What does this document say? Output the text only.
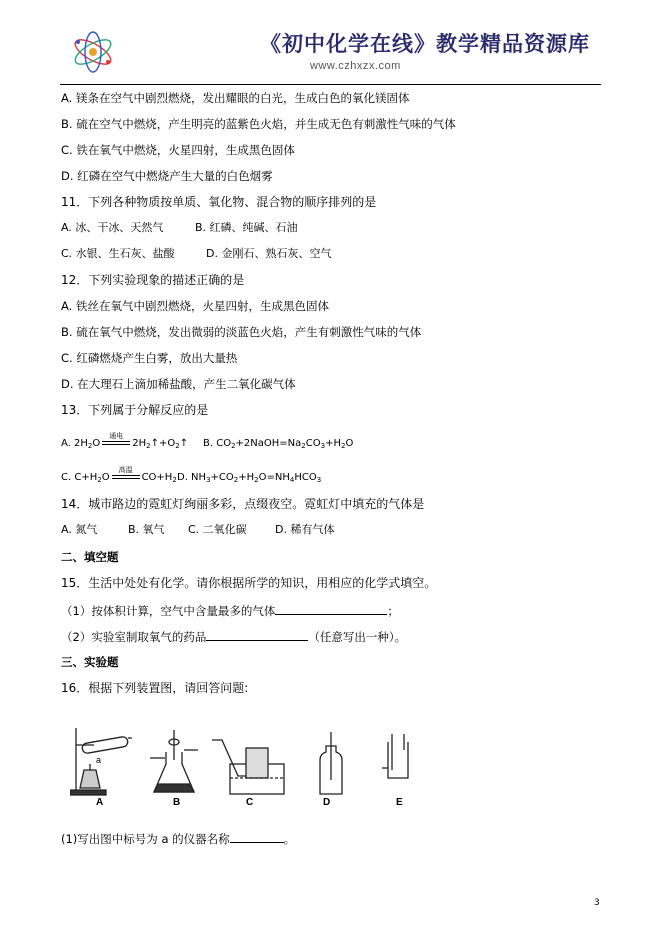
《初中化学在线》教学精品资源库
www.czhxzx.com
A. 镁条在空气中剧烈燃烧，发出耀眼的白光，生成白色的氧化镁固体
B. 硫在空气中燃烧，产生明亮的蓝紫色火焰，并生成无色有刺激性气味的气体
C. 铁在氧气中燃烧，火星四射，生成黑色固体
D. 红磷在空气中燃烧产生大量的白色烟雾
11．下列各种物质按单质、氧化物、混合物的顺序排列的是
A. 冰、干冰、天然气	B. 红磷、纯碱、石油
C. 水银、生石灰、盐酸	D. 金刚石、熟石灰、空气
12．下列实验现象的描述正确的是
A. 铁丝在氧气中剧烈燃烧，火星四射，生成黑色固体
B. 硫在氧气中燃烧，发出微弱的淡蓝色火焰，产生有刺激性气味的气体
C. 红磷燃烧产生白雾，放出大量热
D. 在大理石上滴加稀盐酸，产生二氧化碳气体
13．下列属于分解反应的是
A. $2H_2O$
通电
$2H_2↑+O_2↑$ B. $CO_2+2NaOH=Na_2CO_3+H_2O$
C. $C+H_2O$
高温
$CO+H_2$ D. $NH_3+CO_2+H_2O=NH_4HCO_3$
14．城市路边的霓虹灯绚丽多彩，点缀夜空。霓虹灯中填充的气体是
A. 氮气	B. 氧气 C. 二氧化碳	D. 稀有气体
二、填空题
15．生活中处处有化学。请你根据所学的知识，用相应的化学式填空。
（1）按体积计算，空气中含量最多的气体	；
（2）实验室制取氧气的药品	（任意写出一种）。
三、实验题
16．根据下列装置图，请回答问题:
a
A	B	C	D	E
(1)写出图中标号为 a 的仪器名称	。
3
